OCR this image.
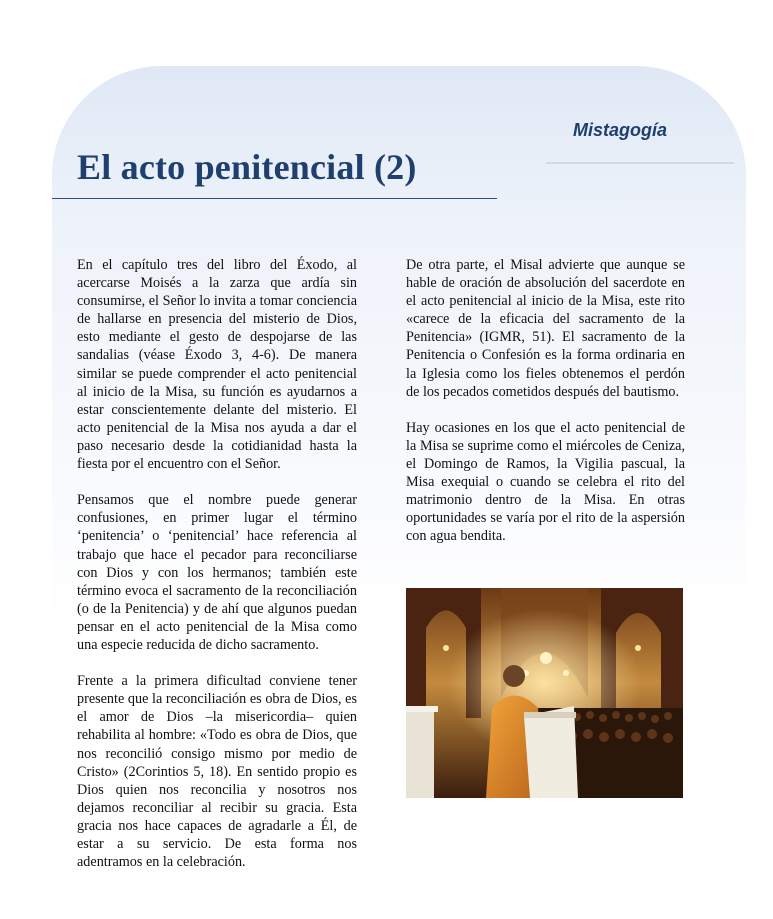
Mistagogía
El acto penitencial (2)

En el capítulo tres del libro del Éxodo, al acercarse Moisés a la zarza que ardía sin consumirse, el Señor lo invita a tomar conciencia de hallarse en presencia del misterio de Dios, esto mediante el gesto de despojarse de las sandalias (véase Éxodo 3, 4-6). De manera similar se puede comprender el acto penitencial al inicio de la Misa, su función es ayudarnos a estar conscientemente delante del misterio. El acto penitencial de la Misa nos ayuda a dar el paso necesario desde la cotidianidad hasta la fiesta por el encuentro con el Señor.

Pensamos que el nombre puede generar confusiones, en primer lugar el término ‘penitencia’ o ‘penitencial’ hace referencia al trabajo que hace el pecador para reconciliarse con Dios y con los hermanos; también este término evoca el sacramento de la reconciliación (o de la Penitencia) y de ahí que algunos puedan pensar en el acto penitencial de la Misa como una especie reducida de dicho sacramento.

Frente a la primera dificultad conviene tener presente que la reconciliación es obra de Dios, es el amor de Dios –la misericordia– quien rehabilita al hombre: «Todo es obra de Dios, que nos reconcilió consigo mismo por medio de Cristo» (2Corintios 5, 18). En sentido propio es Dios quien nos reconcilia y nosotros nos dejamos reconciliar al recibir su gracia. Esta gracia nos hace capaces de agradarle a Él, de estar a su servicio. De esta forma nos adentramos en la celebración.

De otra parte, el Misal advierte que aunque se hable de oración de absolución del sacerdote en el acto penitencial al inicio de la Misa, este rito «carece de la eficacia del sacramento de la Penitencia» (IGMR, 51). El sacramento de la Penitencia o Confesión es la forma ordinaria en la Iglesia como los fieles obtenemos el perdón de los pecados cometidos después del bautismo.

Hay ocasiones en los que el acto penitencial de la Misa se suprime como el miércoles de Ceniza, el Domingo de Ramos, la Vigilia pascual, la Misa exequial o cuando se celebra el rito del matrimonio dentro de la Misa. En otras oportunidades se varía por el rito de la aspersión con agua bendita.
